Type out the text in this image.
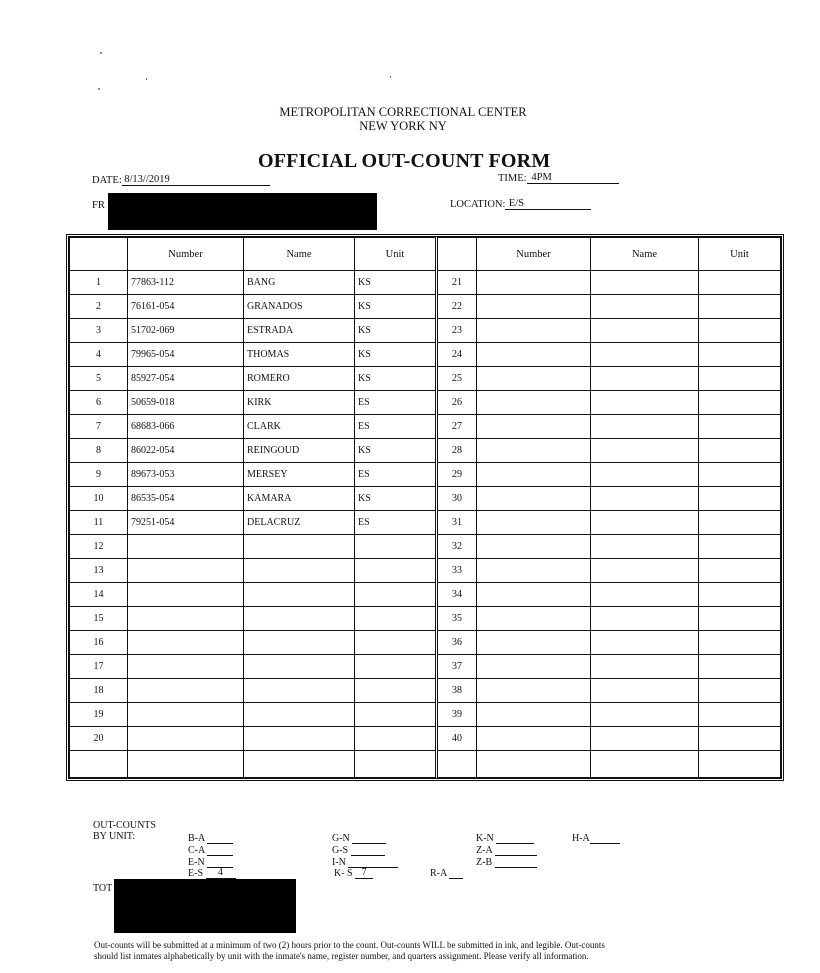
METROPOLITAN CORRECTIONAL CENTER
NEW YORK NY
OFFICIAL OUT-COUNT FORM
DATE: 8/13//2019	TIME: 4PM
FR	LOCATION: E/S
	Number	Name	Unit		Number	Name	Unit
1	77863-112	BANG	KS	21			
2	76161-054	GRANADOS	KS	22			
3	51702-069	ESTRADA	KS	23			
4	79965-054	THOMAS	KS	24			
5	85927-054	ROMERO	KS	25			
6	50659-018	KIRK	ES	26			
7	68683-066	CLARK	ES	27			
8	86022-054	REINGOUD	KS	28			
9	89673-053	MERSEY	ES	29			
10	86535-054	KAMARA	KS	30			
11	79251-054	DELACRUZ	ES	31			
12				32			
13				33			
14				34			
15				35			
16				36			
17				37			
18				38			
19				39			
20				40			

OUT-COUNTS
BY UNIT:	B-A
C-A
E-N
E-S 4
G-N
G-S
I-N
K- S 7	R-A
K-N
Z-A
Z-B
H-A
TOT
Out-counts will be submitted at a minimum of two (2) hours prior to the count. Out-counts WILL be submitted in ink, and legible. Out-counts
should list inmates alphabetically by unit with the inmate's name, register number, and quarters assignment. Please verify all information.
